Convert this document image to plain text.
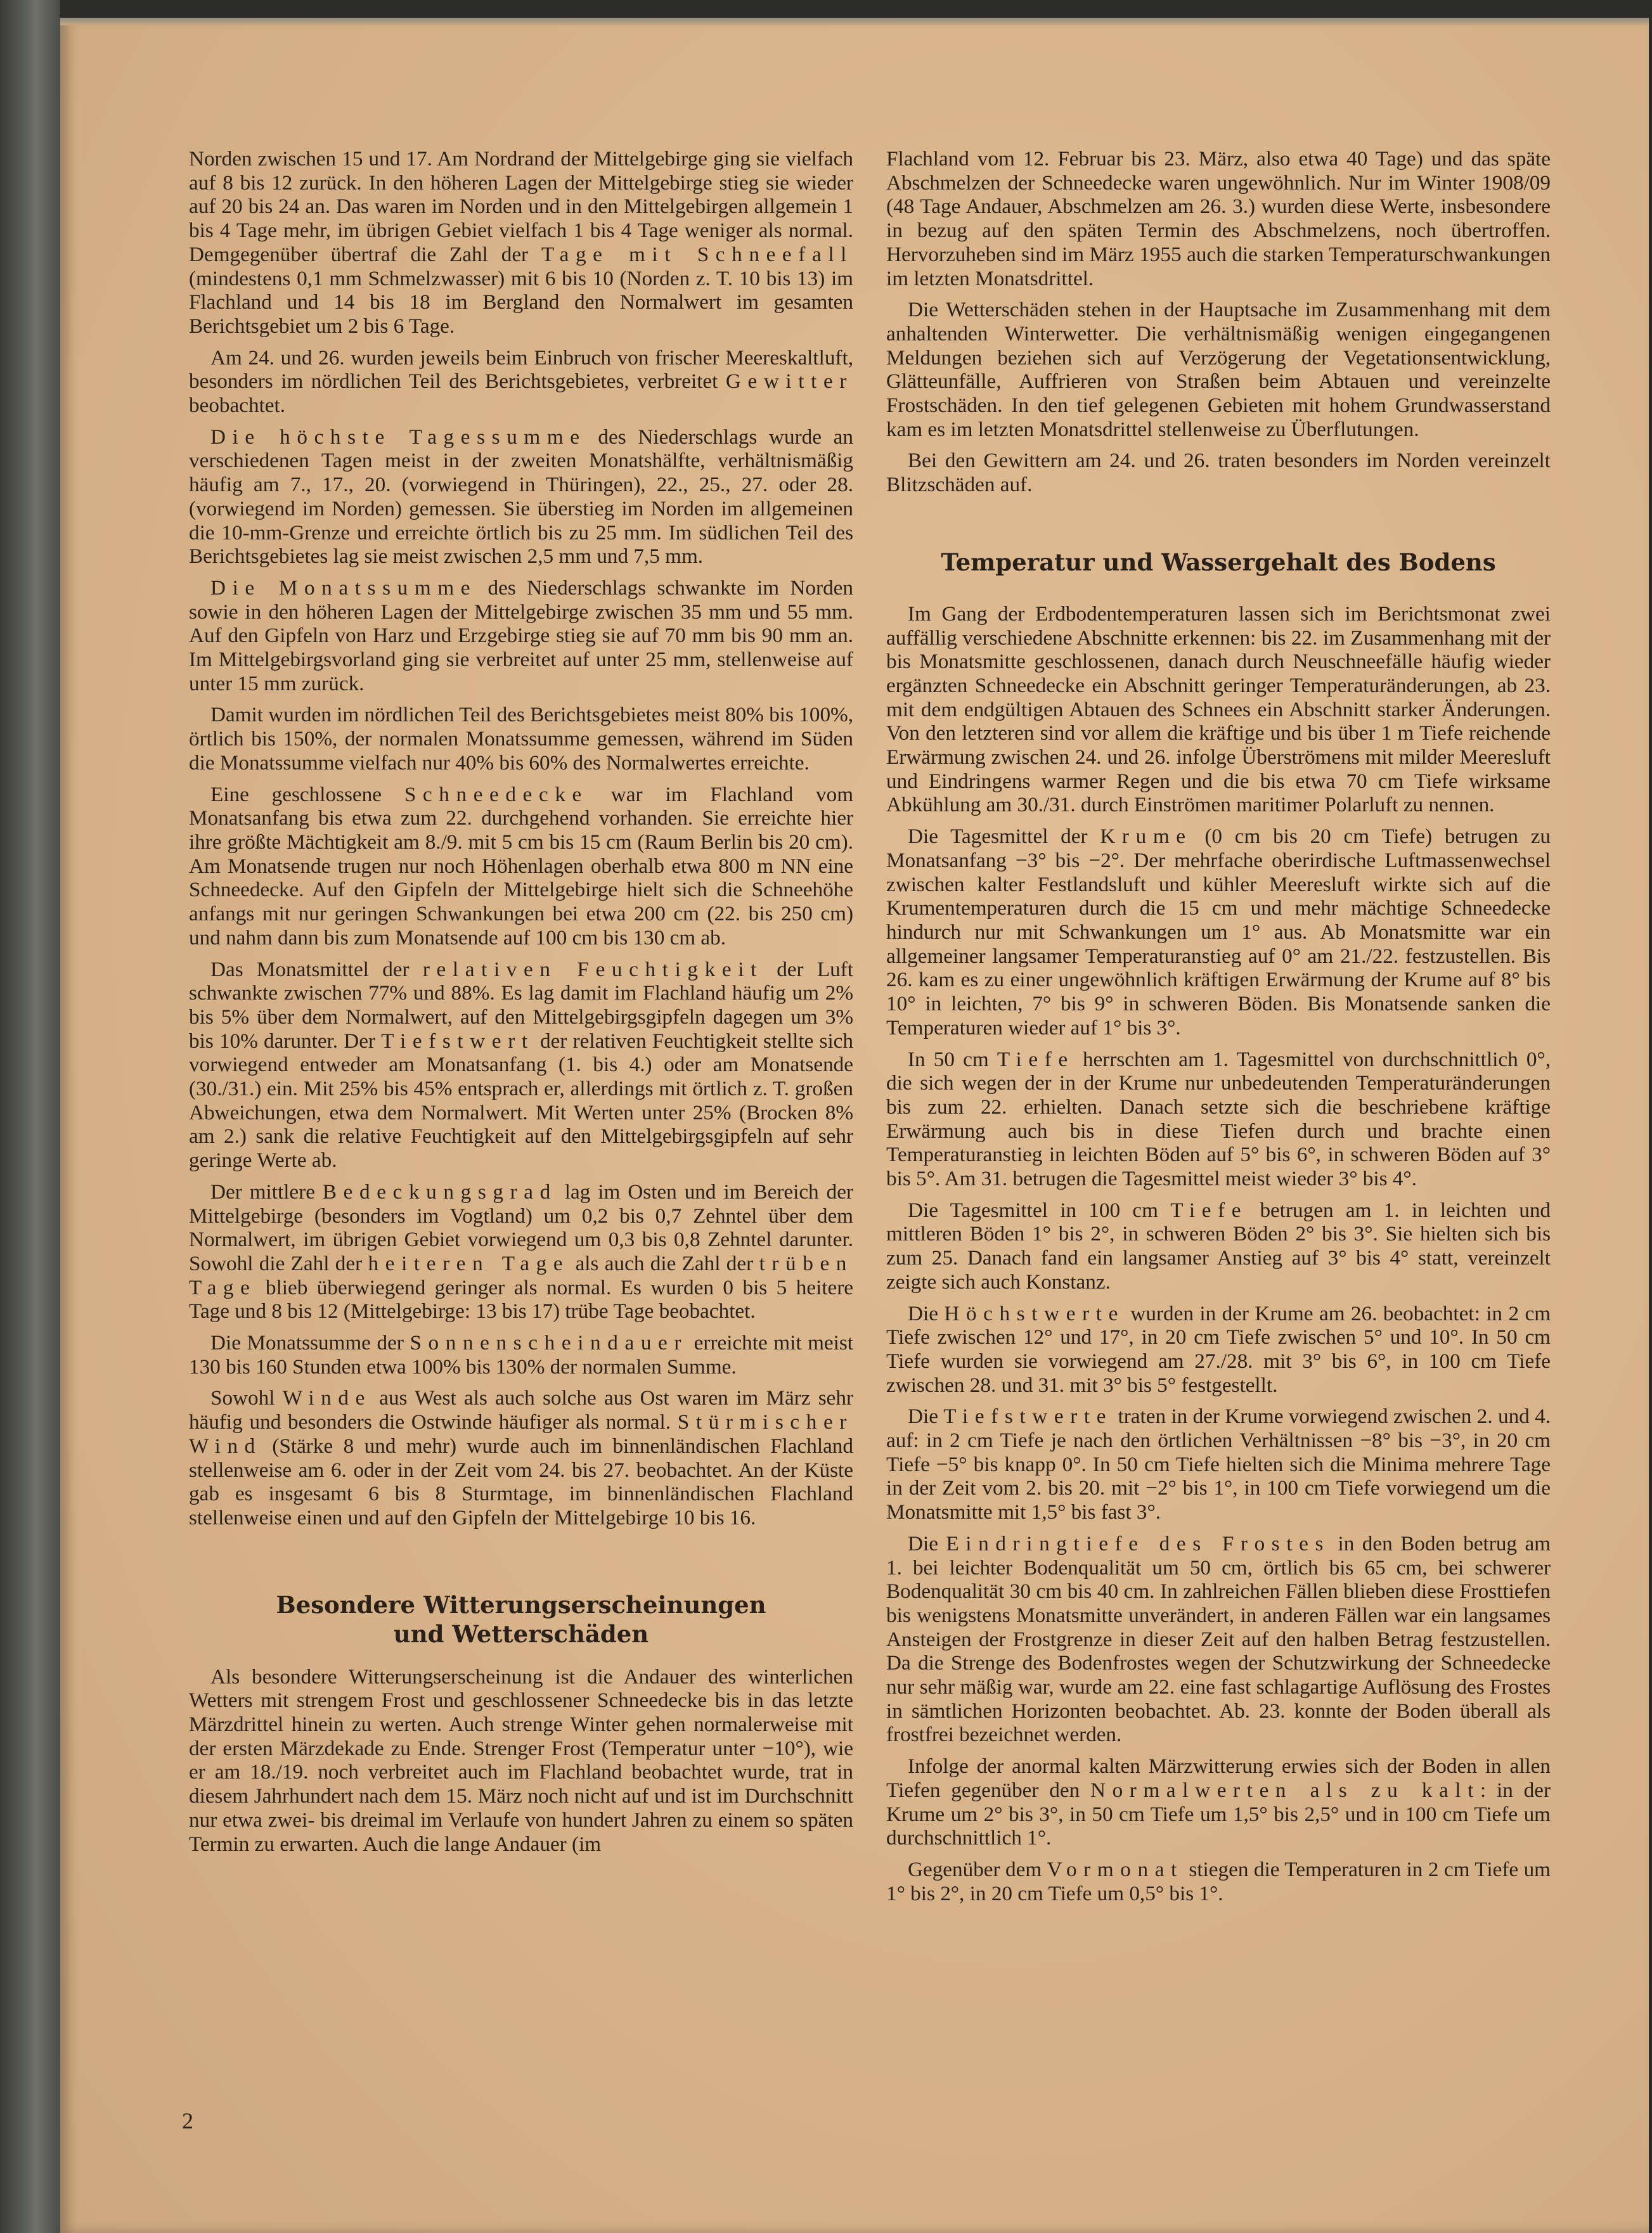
Norden zwischen 15 und 17. Am Nordrand der Mittelgebirge ging sie vielfach auf 8 bis 12 zurück. In den höheren Lagen der Mittelgebirge stieg sie wieder auf 20 bis 24 an. Das waren im Norden und in den Mittelgebirgen allgemein 1 bis 4 Tage mehr, im übrigen Gebiet vielfach 1 bis 4 Tage weniger als normal. Demgegenüber übertraf die Zahl der Tage mit Schneefall (mindestens 0,1 mm Schmelzwasser) mit 6 bis 10 (Norden z. T. 10 bis 13) im Flachland und 14 bis 18 im Bergland den Normalwert im gesamten Berichtsgebiet um 2 bis 6 Tage.

Am 24. und 26. wurden jeweils beim Einbruch von frischer Meereskaltluft, besonders im nördlichen Teil des Berichtsgebietes, verbreitet Gewitter beobachtet.

Die höchste Tagessumme des Niederschlags wurde an verschiedenen Tagen meist in der zweiten Monatshälfte, verhältnismäßig häufig am 7., 17., 20. (vorwiegend in Thüringen), 22., 25., 27. oder 28. (vorwiegend im Norden) gemessen. Sie überstieg im Norden im allgemeinen die 10-mm-Grenze und erreichte örtlich bis zu 25 mm. Im südlichen Teil des Berichtsgebietes lag sie meist zwischen 2,5 mm und 7,5 mm.

Die Monatssumme des Niederschlags schwankte im Norden sowie in den höheren Lagen der Mittelgebirge zwischen 35 mm und 55 mm. Auf den Gipfeln von Harz und Erzgebirge stieg sie auf 70 mm bis 90 mm an. Im Mittelgebirgsvorland ging sie verbreitet auf unter 25 mm, stellenweise auf unter 15 mm zurück.

Damit wurden im nördlichen Teil des Berichtsgebietes meist 80% bis 100%, örtlich bis 150%, der normalen Monatssumme gemessen, während im Süden die Monatssumme vielfach nur 40% bis 60% des Normalwertes erreichte.

Eine geschlossene Schneedecke war im Flachland vom Monatsanfang bis etwa zum 22. durchgehend vorhanden. Sie erreichte hier ihre größte Mächtigkeit am 8./9. mit 5 cm bis 15 cm (Raum Berlin bis 20 cm). Am Monatsende trugen nur noch Höhenlagen oberhalb etwa 800 m NN eine Schneedecke. Auf den Gipfeln der Mittelgebirge hielt sich die Schneehöhe anfangs mit nur geringen Schwankungen bei etwa 200 cm (22. bis 250 cm) und nahm dann bis zum Monatsende auf 100 cm bis 130 cm ab.

Das Monatsmittel der relativen Feuchtigkeit der Luft schwankte zwischen 77% und 88%. Es lag damit im Flachland häufig um 2% bis 5% über dem Normalwert, auf den Mittelgebirgsgipfeln dagegen um 3% bis 10% darunter. Der Tiefstwert der relativen Feuchtigkeit stellte sich vorwiegend entweder am Monatsanfang (1. bis 4.) oder am Monatsende (30./31.) ein. Mit 25% bis 45% entsprach er, allerdings mit örtlich z. T. großen Abweichungen, etwa dem Normalwert. Mit Werten unter 25% (Brocken 8% am 2.) sank die relative Feuchtigkeit auf den Mittelgebirgsgipfeln auf sehr geringe Werte ab.

Der mittlere Bedeckungsgrad lag im Osten und im Bereich der Mittelgebirge (besonders im Vogtland) um 0,2 bis 0,7 Zehntel über dem Normalwert, im übrigen Gebiet vorwiegend um 0,3 bis 0,8 Zehntel darunter. Sowohl die Zahl der heiteren Tage als auch die Zahl der trüben Tage blieb überwiegend geringer als normal. Es wurden 0 bis 5 heitere Tage und 8 bis 12 (Mittelgebirge: 13 bis 17) trübe Tage beobachtet.

Die Monatssumme der Sonnenscheindauer erreichte mit meist 130 bis 160 Stunden etwa 100% bis 130% der normalen Summe.

Sowohl Winde aus West als auch solche aus Ost waren im März sehr häufig und besonders die Ostwinde häufiger als normal. Stürmischer Wind (Stärke 8 und mehr) wurde auch im binnenländischen Flachland stellenweise am 6. oder in der Zeit vom 24. bis 27. beobachtet. An der Küste gab es insgesamt 6 bis 8 Sturmtage, im binnenländischen Flachland stellenweise einen und auf den Gipfeln der Mittelgebirge 10 bis 16.

Besondere Witterungserscheinungen
und Wetterschäden

Als besondere Witterungserscheinung ist die Andauer des winterlichen Wetters mit strengem Frost und geschlossener Schneedecke bis in das letzte Märzdrittel hinein zu werten. Auch strenge Winter gehen normalerweise mit der ersten Märzdekade zu Ende. Strenger Frost (Temperatur unter −10°), wie er am 18./19. noch verbreitet auch im Flachland beobachtet wurde, trat in diesem Jahrhundert nach dem 15. März noch nicht auf und ist im Durchschnitt nur etwa zwei- bis dreimal im Verlaufe von hundert Jahren zu einem so späten Termin zu erwarten. Auch die lange Andauer (im

Flachland vom 12. Februar bis 23. März, also etwa 40 Tage) und das späte Abschmelzen der Schneedecke waren ungewöhnlich. Nur im Winter 1908/09 (48 Tage Andauer, Abschmelzen am 26. 3.) wurden diese Werte, insbesondere in bezug auf den späten Termin des Abschmelzens, noch übertroffen. Hervorzuheben sind im März 1955 auch die starken Temperaturschwankungen im letzten Monatsdrittel.

Die Wetterschäden stehen in der Hauptsache im Zusammenhang mit dem anhaltenden Winterwetter. Die verhältnismäßig wenigen eingegangenen Meldungen beziehen sich auf Verzögerung der Vegetationsentwicklung, Glätteunfälle, Auffrieren von Straßen beim Abtauen und vereinzelte Frostschäden. In den tief gelegenen Gebieten mit hohem Grundwasserstand kam es im letzten Monatsdrittel stellenweise zu Überflutungen.

Bei den Gewittern am 24. und 26. traten besonders im Norden vereinzelt Blitzschäden auf.

Temperatur und Wassergehalt des Bodens

Im Gang der Erdbodentemperaturen lassen sich im Berichtsmonat zwei auffällig verschiedene Abschnitte erkennen: bis 22. im Zusammenhang mit der bis Monatsmitte geschlossenen, danach durch Neuschneefälle häufig wieder ergänzten Schneedecke ein Abschnitt geringer Temperaturänderungen, ab 23. mit dem endgültigen Abtauen des Schnees ein Abschnitt starker Änderungen. Von den letzteren sind vor allem die kräftige und bis über 1 m Tiefe reichende Erwärmung zwischen 24. und 26. infolge Überströmens mit milder Meeresluft und Eindringens warmer Regen und die bis etwa 70 cm Tiefe wirksame Abkühlung am 30./31. durch Einströmen maritimer Polarluft zu nennen.

Die Tagesmittel der Krume (0 cm bis 20 cm Tiefe) betrugen zu Monatsanfang −3° bis −2°. Der mehrfache oberirdische Luftmassenwechsel zwischen kalter Festlandsluft und kühler Meeresluft wirkte sich auf die Krumentemperaturen durch die 15 cm und mehr mächtige Schneedecke hindurch nur mit Schwankungen um 1° aus. Ab Monatsmitte war ein allgemeiner langsamer Temperaturanstieg auf 0° am 21./22. festzustellen. Bis 26. kam es zu einer ungewöhnlich kräftigen Erwärmung der Krume auf 8° bis 10° in leichten, 7° bis 9° in schweren Böden. Bis Monatsende sanken die Temperaturen wieder auf 1° bis 3°.

In 50 cm Tiefe herrschten am 1. Tagesmittel von durchschnittlich 0°, die sich wegen der in der Krume nur unbedeutenden Temperaturänderungen bis zum 22. erhielten. Danach setzte sich die beschriebene kräftige Erwärmung auch bis in diese Tiefen durch und brachte einen Temperaturanstieg in leichten Böden auf 5° bis 6°, in schweren Böden auf 3° bis 5°. Am 31. betrugen die Tagesmittel meist wieder 3° bis 4°.

Die Tagesmittel in 100 cm Tiefe betrugen am 1. in leichten und mittleren Böden 1° bis 2°, in schweren Böden 2° bis 3°. Sie hielten sich bis zum 25. Danach fand ein langsamer Anstieg auf 3° bis 4° statt, vereinzelt zeigte sich auch Konstanz.

Die Höchstwerte wurden in der Krume am 26. beobachtet: in 2 cm Tiefe zwischen 12° und 17°, in 20 cm Tiefe zwischen 5° und 10°. In 50 cm Tiefe wurden sie vorwiegend am 27./28. mit 3° bis 6°, in 100 cm Tiefe zwischen 28. und 31. mit 3° bis 5° festgestellt.

Die Tiefstwerte traten in der Krume vorwiegend zwischen 2. und 4. auf: in 2 cm Tiefe je nach den örtlichen Verhältnissen −8° bis −3°, in 20 cm Tiefe −5° bis knapp 0°. In 50 cm Tiefe hielten sich die Minima mehrere Tage in der Zeit vom 2. bis 20. mit −2° bis 1°, in 100 cm Tiefe vorwiegend um die Monatsmitte mit 1,5° bis fast 3°.

Die Eindringtiefe des Frostes in den Boden betrug am 1. bei leichter Bodenqualität um 50 cm, örtlich bis 65 cm, bei schwerer Bodenqualität 30 cm bis 40 cm. In zahlreichen Fällen blieben diese Frosttiefen bis wenigstens Monatsmitte unverändert, in anderen Fällen war ein langsames Ansteigen der Frostgrenze in dieser Zeit auf den halben Betrag festzustellen. Da die Strenge des Bodenfrostes wegen der Schutzwirkung der Schneedecke nur sehr mäßig war, wurde am 22. eine fast schlagartige Auflösung des Frostes in sämtlichen Horizonten beobachtet. Ab. 23. konnte der Boden überall als frostfrei bezeichnet werden.

Infolge der anormal kalten Märzwitterung erwies sich der Boden in allen Tiefen gegenüber den Normalwerten als zu kalt: in der Krume um 2° bis 3°, in 50 cm Tiefe um 1,5° bis 2,5° und in 100 cm Tiefe um durchschnittlich 1°.

Gegenüber dem Vormonat stiegen die Temperaturen in 2 cm Tiefe um 1° bis 2°, in 20 cm Tiefe um 0,5° bis 1°.

2
